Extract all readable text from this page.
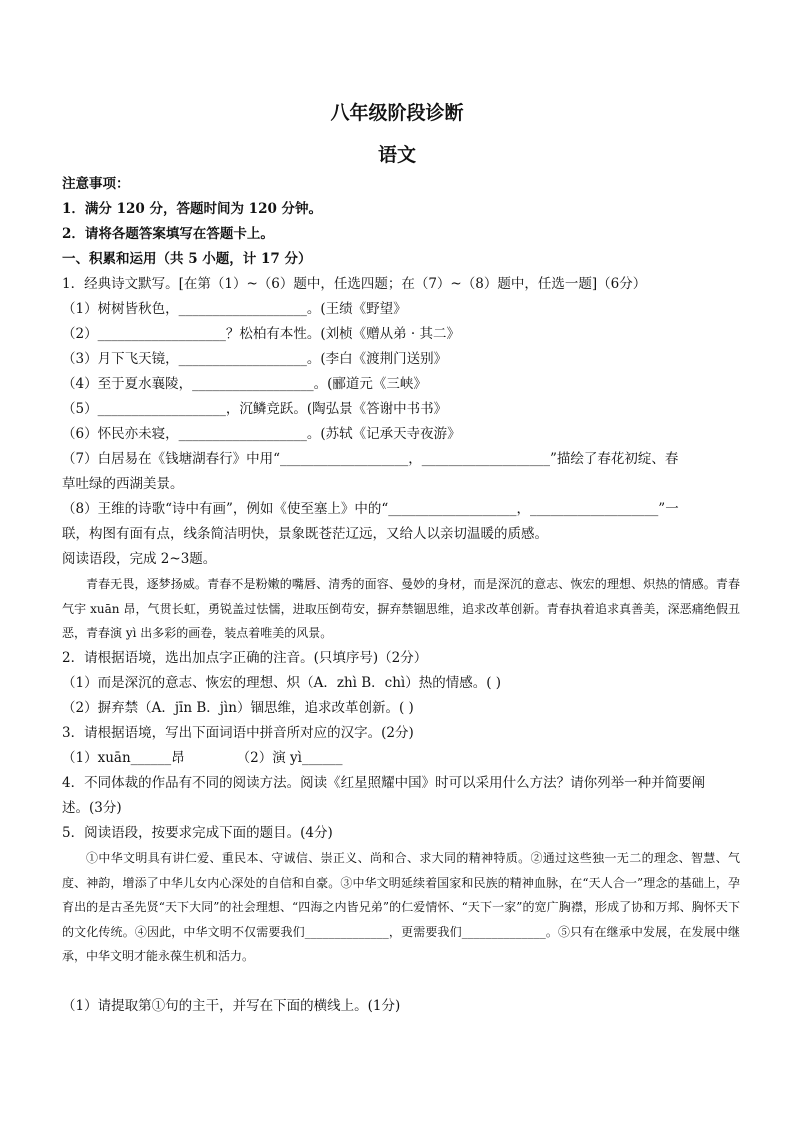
八年级阶段诊断
语文
注意事项：
1．满分 120 分，答题时间为 120 分钟。
2．请将各题答案填写在答题卡上。
一、积累和运用（共 5 小题，计 17 分）
1．经典诗文默写。[在第（1）~（6）题中，任选四题；在（7）~（8）题中，任选一题]（6分）
（1）树树皆秋色，___________________。(王绩《野望》
（2）___________________？松柏有本性。(刘桢《赠从弟 · 其二》
（3）月下飞天镜，___________________。(李白《渡荆门送别》
（4）至于夏水襄陵，__________________。(郦道元《三峡》
（5）___________________，沉鳞竞跃。(陶弘景《答谢中书书》
（6）怀民亦未寝，___________________。(苏轼《记承天寺夜游》
（7）白居易在《钱塘湖春行》中用“___________________，___________________”描绘了春花初绽、春
草吐绿的西湖美景。
（8）王维的诗歌“诗中有画”，例如《使至塞上》中的“___________________，___________________”一
联，构图有面有点，线条简洁明快，景象既苍茫辽远，又给人以亲切温暖的质感。
阅读语段，完成 2~3题。
青春无畏，逐梦扬威。青春不是粉嫩的嘴唇、清秀的面容、曼妙的身材，而是深沉的意志、恢宏的理想、炽热的情感。青春气宇 xuān 昂，气贯长虹，勇锐盖过怯懦，进取压倒苟安，摒弃禁锢思维，追求改革创新。青春执着追求真善美，深恶痛绝假丑恶，青春演 yì 出多彩的画卷，装点着唯美的风景。
2．请根据语境，选出加点字正确的注音。(只填序号)（2分）
（1）而是深沉的意志、恢宏的理想、炽（A．zhì B．chì）热的情感。( )
（2）摒弃禁（A．jīn B．jìn）锢思维，追求改革创新。( )
3．请根据语境，写出下面词语中拼音所对应的汉字。(2分)
（1）xuān______昂	（2）演 yì______
4．不同体裁的作品有不同的阅读方法。阅读《红星照耀中国》时可以采用什么方法？请你列举一种并简要阐
述。(3分)
5．阅读语段，按要求完成下面的题目。(4分)
①中华文明具有讲仁爱、重民本、守诚信、崇正义、尚和合、求大同的精神特质。②通过这些独一无二的理念、智慧、气度、神韵，增添了中华儿女内心深处的自信和自豪。③中华文明延续着国家和民族的精神血脉，在“天人合一”理念的基础上，孕育出的是古圣先贤“天下大同”的社会理想、“四海之内皆兄弟”的仁爱情怀、“天下一家”的宽广胸襟，形成了协和万邦、胸怀天下的文化传统。④因此，中华文明不仅需要我们______________，更需要我们______________。⑤只有在继承中发展，在发展中继承，中华文明才能永葆生机和活力。
（1）请提取第①句的主干，并写在下面的横线上。(1分)
